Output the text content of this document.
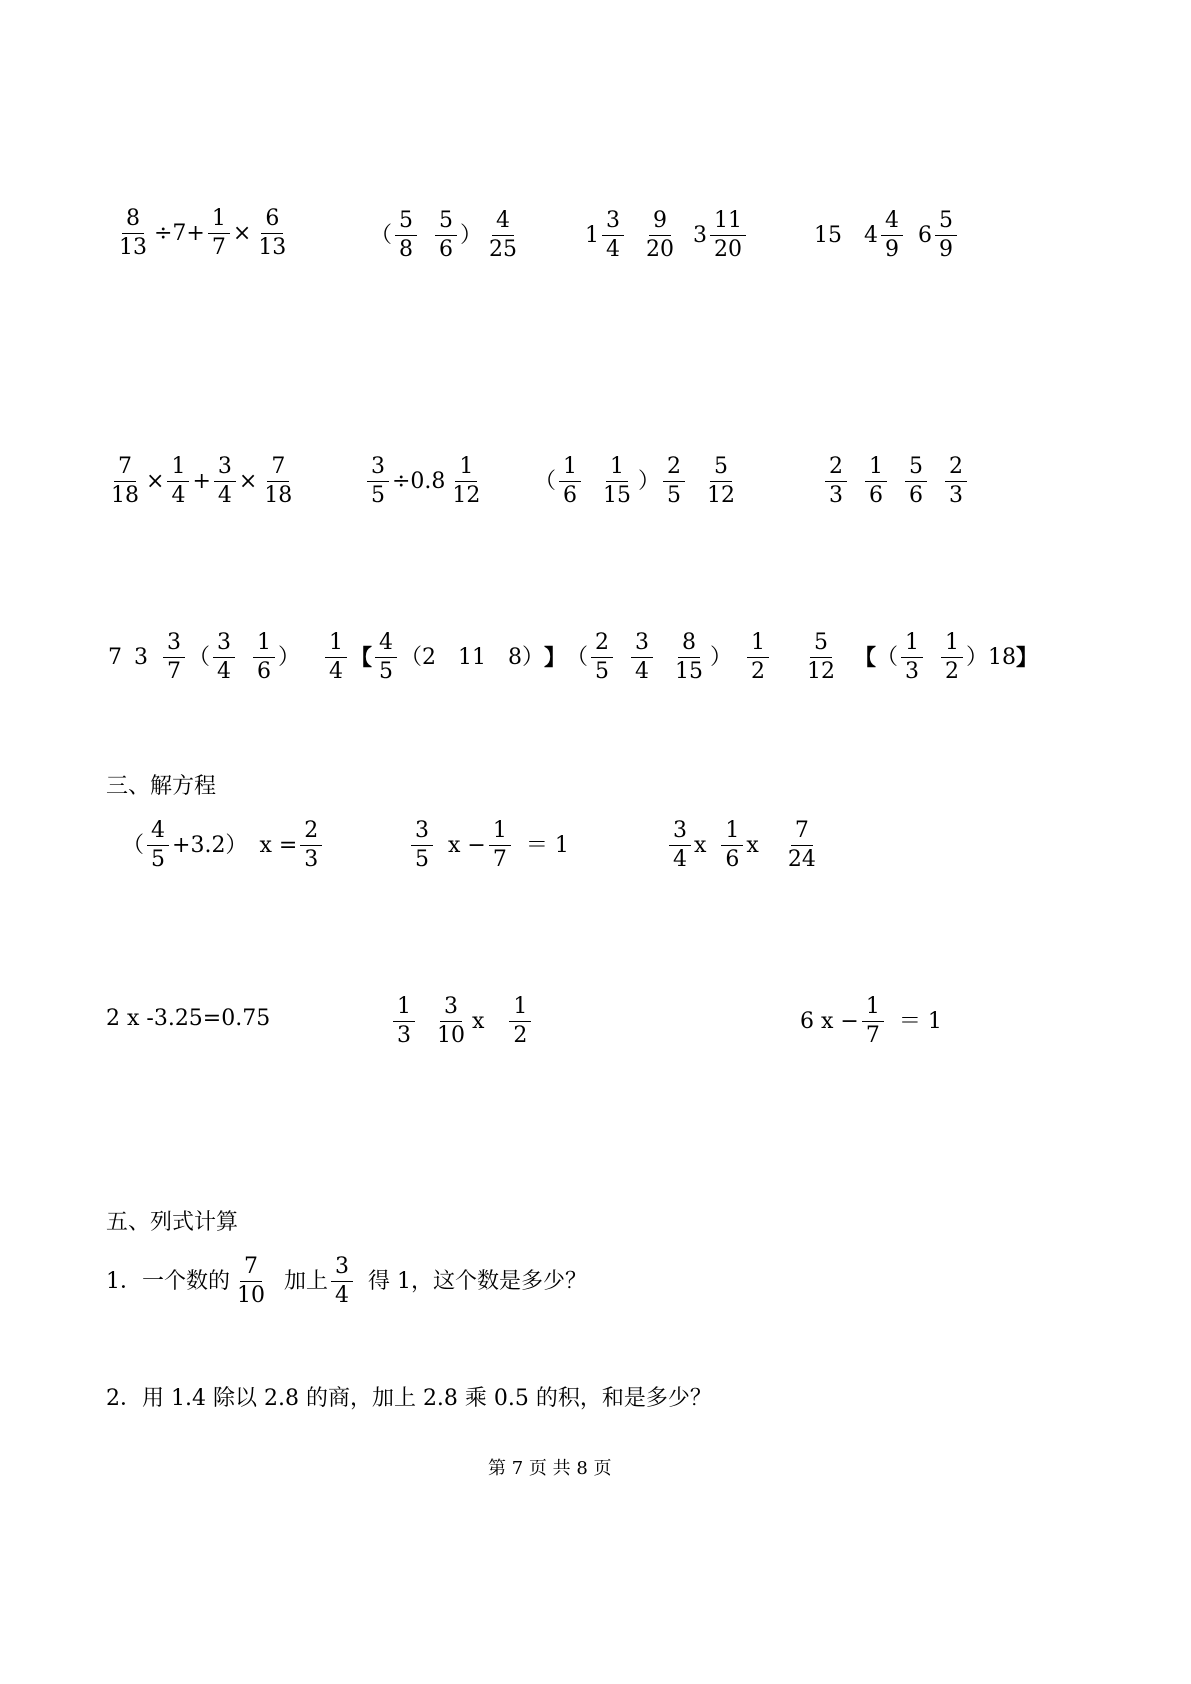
$\frac{8}{13} \div 7+ \frac{1}{7} \times \frac{6}{13}$	（ $\frac{5}{8} \frac{5}{6}$ ） $\frac{4}{25}$	$1 \frac{3}{4} \frac{9}{20} 3 \frac{11}{20}$	15 $4 \frac{4}{9} 6 \frac{5}{9}$
$\frac{7}{18} \times \frac{1}{4} + \frac{3}{4} \times \frac{7}{18}$	$\frac{3}{5} \div 0.8 \frac{1}{12}$ （ $\frac{1}{6} \frac{1}{15}$ ） $\frac{2}{5} \frac{5}{12}$	$\frac{2}{3} \frac{1}{6} \frac{5}{6} \frac{2}{3}$
7 $3 \frac{3}{7}$ （ $\frac{3}{4} \frac{1}{6}$ ） $\frac{1}{4}$ 【 $\frac{4}{5}$ （ 2 11 8 ） 】 （ $\frac{2}{5} \frac{3}{4} \frac{8}{15}$ ） $\frac{1}{2} \frac{5}{12}$ 【 （ $\frac{1}{3} \frac{1}{2}$ ） 18 】
三、解方程
（ $\frac{4}{5} +3.2$） $x = \frac{2}{3}$	$\frac{3}{5}$ $x - \frac{1}{7} = 1$	$\frac{3}{4}$ x $\frac{1}{6}$ x $\frac{7}{24}$
2 x -3.25=0.75	$\frac{1}{3} \frac{3}{10}$ x $\frac{1}{2}$	6 $x - \frac{1}{7} = 1$
五、列式计算
1．一个数的 $\frac{7}{10}$ 加上 $\frac{3}{4}$ 得 1，这个数是多少？
2．用 1.4 除以 2.8 的商，加上 2.8 乘 0.5 的积，和是多少？
第 7 页 共 8 页
